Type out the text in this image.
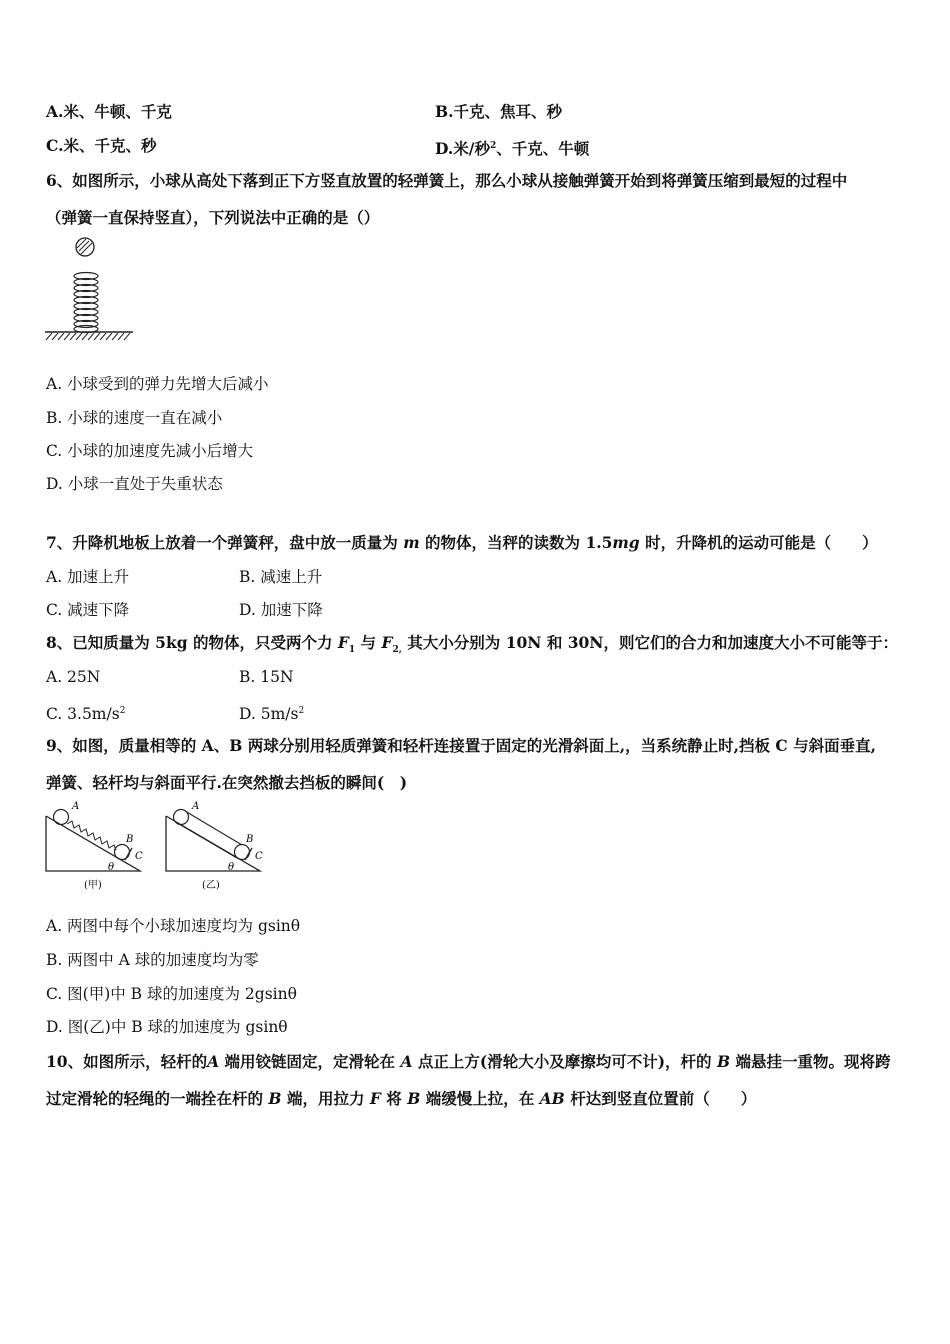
A.米、牛顿、千克	B.千克、焦耳、秒
C.米、千克、秒	D.米/秒$^2$、千克、牛顿
6、如图所示，小球从高处下落到正下方竖直放置的轻弹簧上，那么小球从接触弹簧开始到将弹簧压缩到最短的过程中
（弹簧一直保持竖直），下列说法中正确的是（）
A. 小球受到的弹力先增大后减小
B. 小球的速度一直在减小
C. 小球的加速度先减小后增大
D. 小球一直处于失重状态
7、升降机地板上放着一个弹簧秤，盘中放一质量为 m 的物体，当秤的读数为 1.5mg 时，升降机的运动可能是（　　）
A. 加速上升	B. 减速上升
C. 减速下降	D. 加速下降
8、已知质量为 5kg 的物体，只受两个力 $F_1$ 与 $F_{2,}$ 其大小分别为 10N 和 30N，则它们的合力和加速度大小不可能等于：
A. 25N	B. 15N
C. $3.5m/s^2$	D. $5m/s^2$
9、如图，质量相等的 A、B 两球分别用轻质弹簧和轻杆连接置于固定的光滑斜面上,，当系统静止时,挡板 C 与斜面垂直,
弹簧、轻杆均与斜面平行.在突然撤去挡板的瞬间(　)
A
B
C
θ
(甲)
A
B
C
θ
(乙)
A. 两图中每个小球加速度均为 gsinθ
B. 两图中 A 球的加速度均为零
C. 图(甲)中 B 球的加速度为 2gsinθ
D. 图(乙)中 B 球的加速度为 gsinθ
10、如图所示，轻杆的A 端用铰链固定，定滑轮在 A 点正上方(滑轮大小及摩擦均可不计)，杆的 B 端悬挂一重物。现将跨
过定滑轮的轻绳的一端拴在杆的 B 端，用拉力 F 将 B 端缓慢上拉，在 AB 杆达到竖直位置前（　　）
